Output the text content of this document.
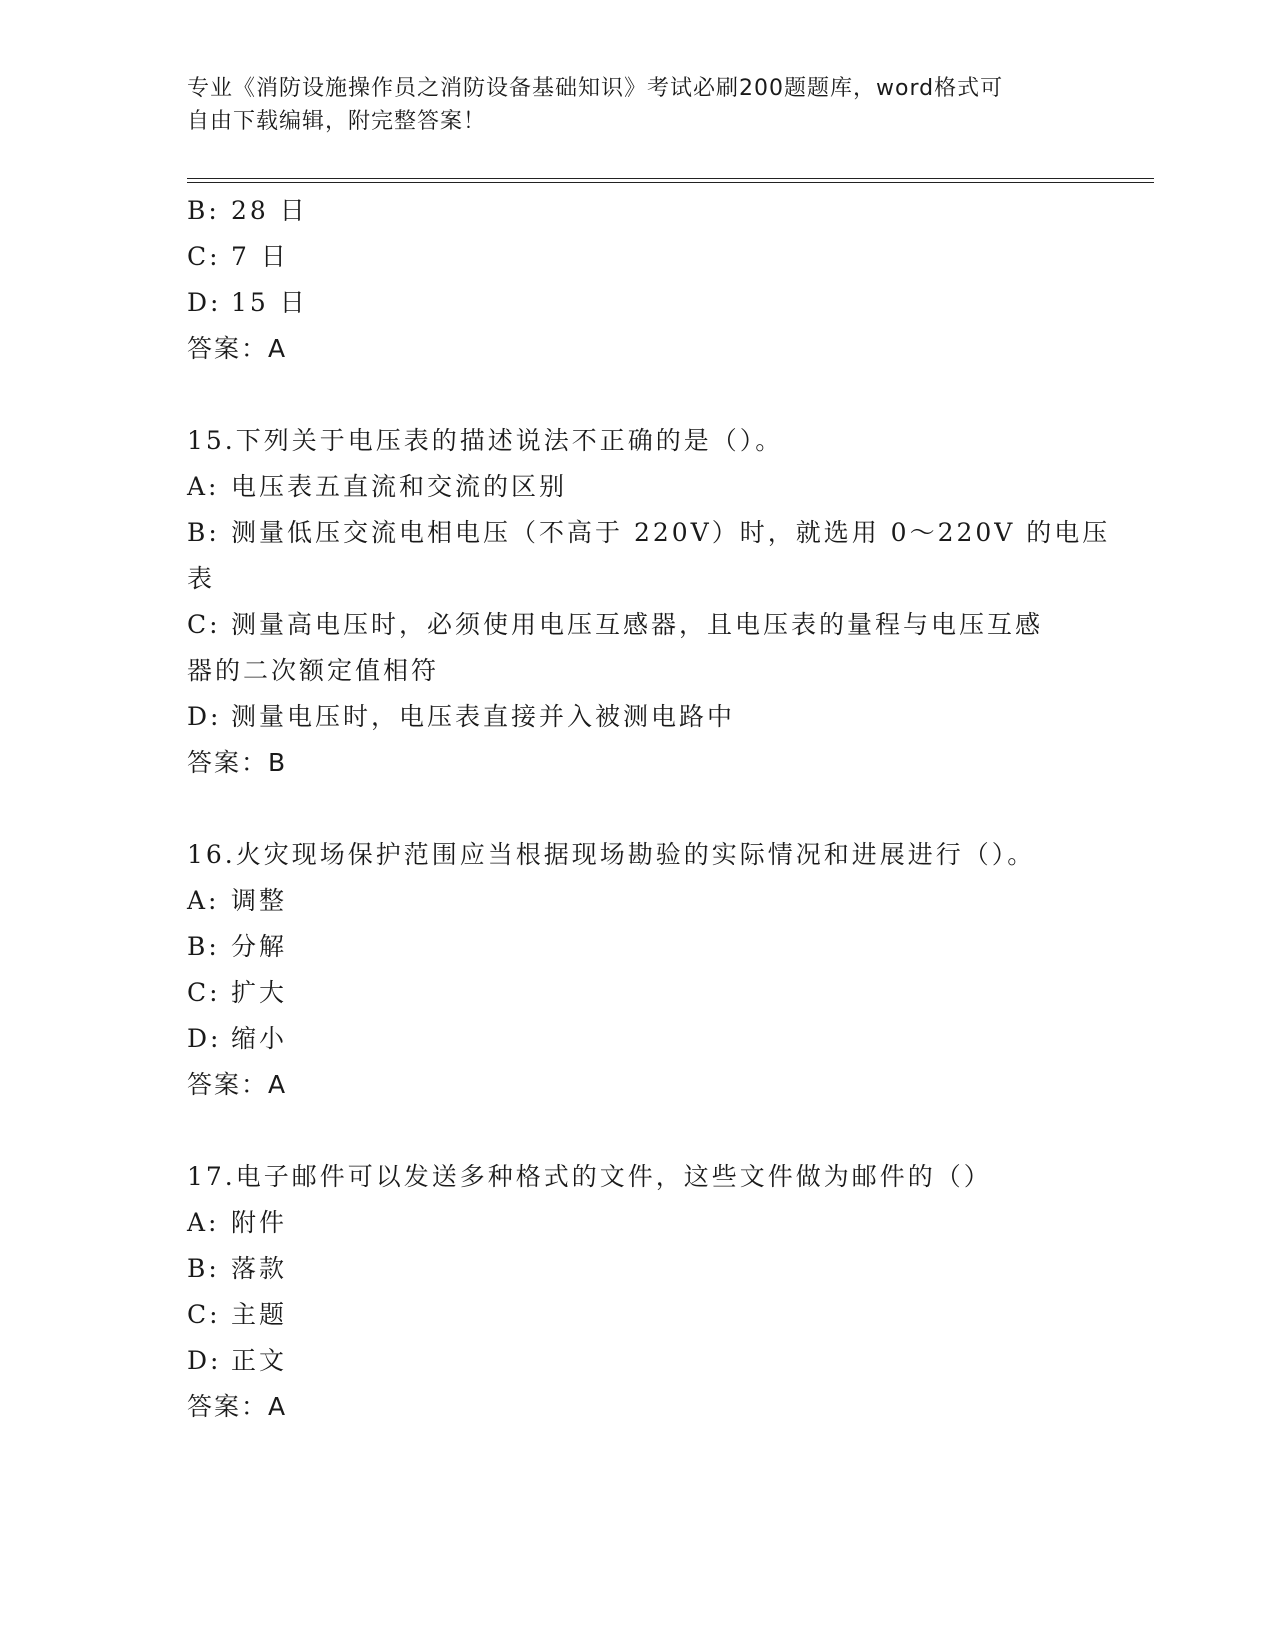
专业《消防设施操作员之消防设备基础知识》考试必刷200题题库，word格式可
自由下载编辑，附完整答案！
B: 28 日
C: 7 日
D: 15 日
答案：A
15.下列关于电压表的描述说法不正确的是（）。
A: 电压表五直流和交流的区别
B: 测量低压交流电相电压（不高于 220V）时，就选用 0～220V 的电压
表
C: 测量高电压时，必须使用电压互感器，且电压表的量程与电压互感
器的二次额定值相符
D: 测量电压时，电压表直接并入被测电路中
答案：B
16.火灾现场保护范围应当根据现场勘验的实际情况和进展进行（）。
A: 调整
B: 分解
C: 扩大
D: 缩小
答案：A
17.电子邮件可以发送多种格式的文件，这些文件做为邮件的（）
A: 附件
B: 落款
C: 主题
D: 正文
答案：A
